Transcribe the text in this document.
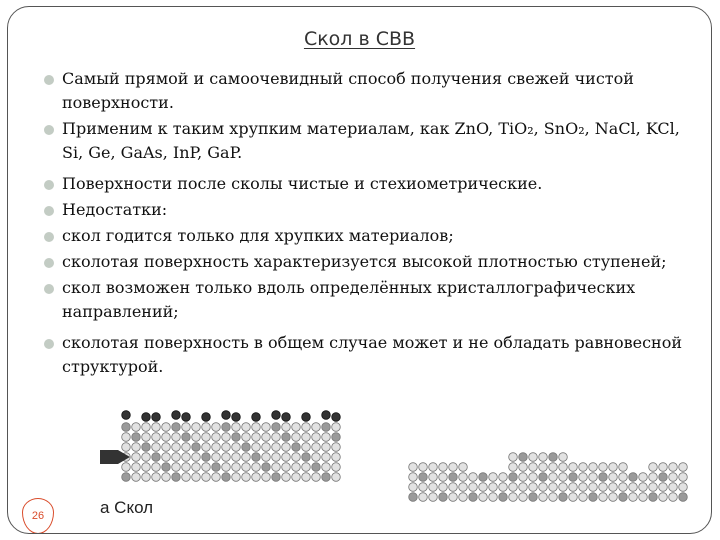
Скол в СВВ
Самый прямой и самоочевидный способ получения свежей чистой поверхности.
Применим к таким хрупким материалам, как ZnO, TiO₂, SnO₂, NaCl, KCl, Si, Ge, GaAs, InP, GaP.
Поверхности после сколы чистые и стехиометрические.
Недостатки:
скол годится только для хрупких материалов;
сколотая поверхность характеризуется высокой плотностью ступеней;
скол возможен только вдоль определённых кристаллографических направлений;
сколотая поверхность в общем случае может и не обладать равновесной структурой.
а Скол
26
